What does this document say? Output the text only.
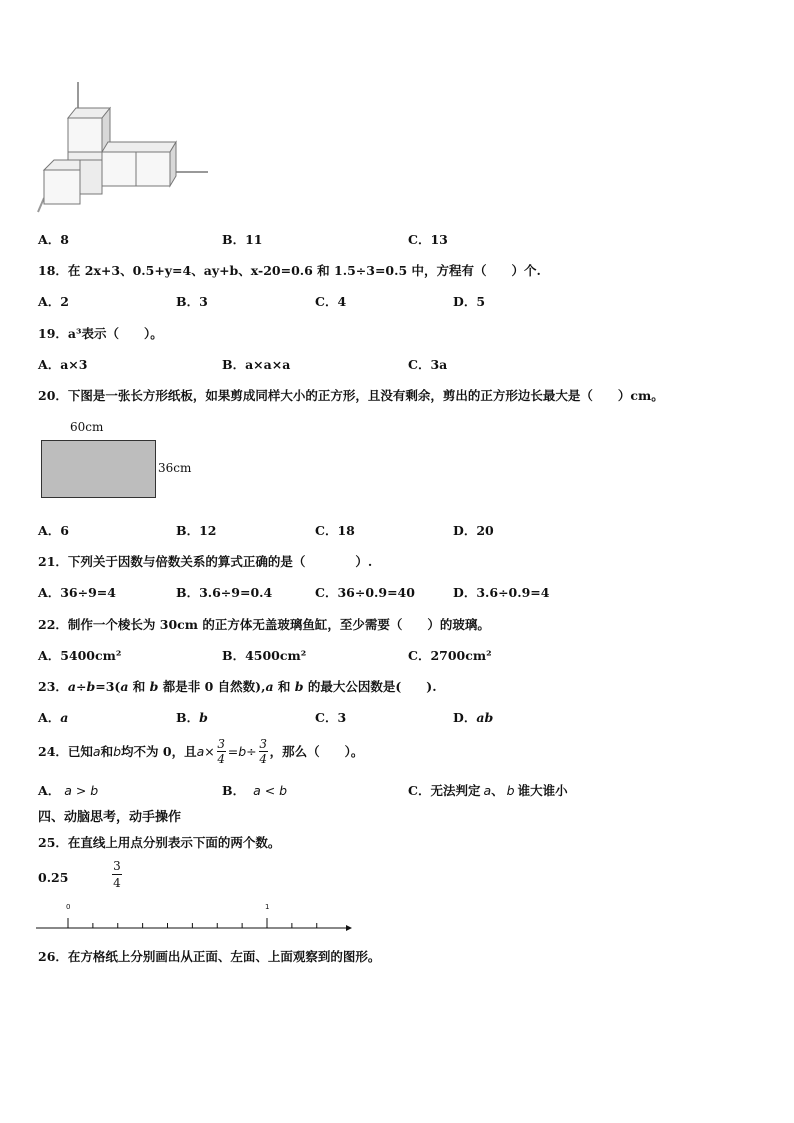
A．8	B．11	C．13
18．在 2x+3、0.5+y=4、ay+b、x-20=0.6 和 1.5÷3=0.5 中，方程有（　　）个.
A．2	B．3	C．4	D．5
19．a³表示（　　）。
A．a×3	B．a×a×a	C．3a
20．下图是一张长方形纸板，如果剪成同样大小的正方形，且没有剩余，剪出的正方形边长最大是（　　）cm。
60cm
36cm
A．6	B．12	C．18	D．20
21．下列关于因数与倍数关系的算式正确的是（　　　　）.
A．36÷9=4	B．3.6÷9=0.4	C．36÷0.9=40	D．3.6÷0.9=4
22．制作一个棱长为 30cm 的正方体无盖玻璃鱼缸，至少需要（　　）的玻璃。
A．5400cm²	B．4500cm²	C．2700cm²
23．a÷b=3(a 和 b 都是非 0 自然数),a 和 b 的最大公因数是(　　).
A．a	B．b	C．3	D．ab
24．已知 a 和 b 均不为 0，且 $a \times \frac{3}{4} = b \div \frac{3}{4}$ ，那么（　　）。
A． a > b	B． a < b	C．无法判定 a、 b 谁大谁小
四、动脑思考，动手操作
25．在直线上用点分别表示下面的两个数。
0.25
3
4
0	1
26．在方格纸上分别画出从正面、左面、上面观察到的图形。
